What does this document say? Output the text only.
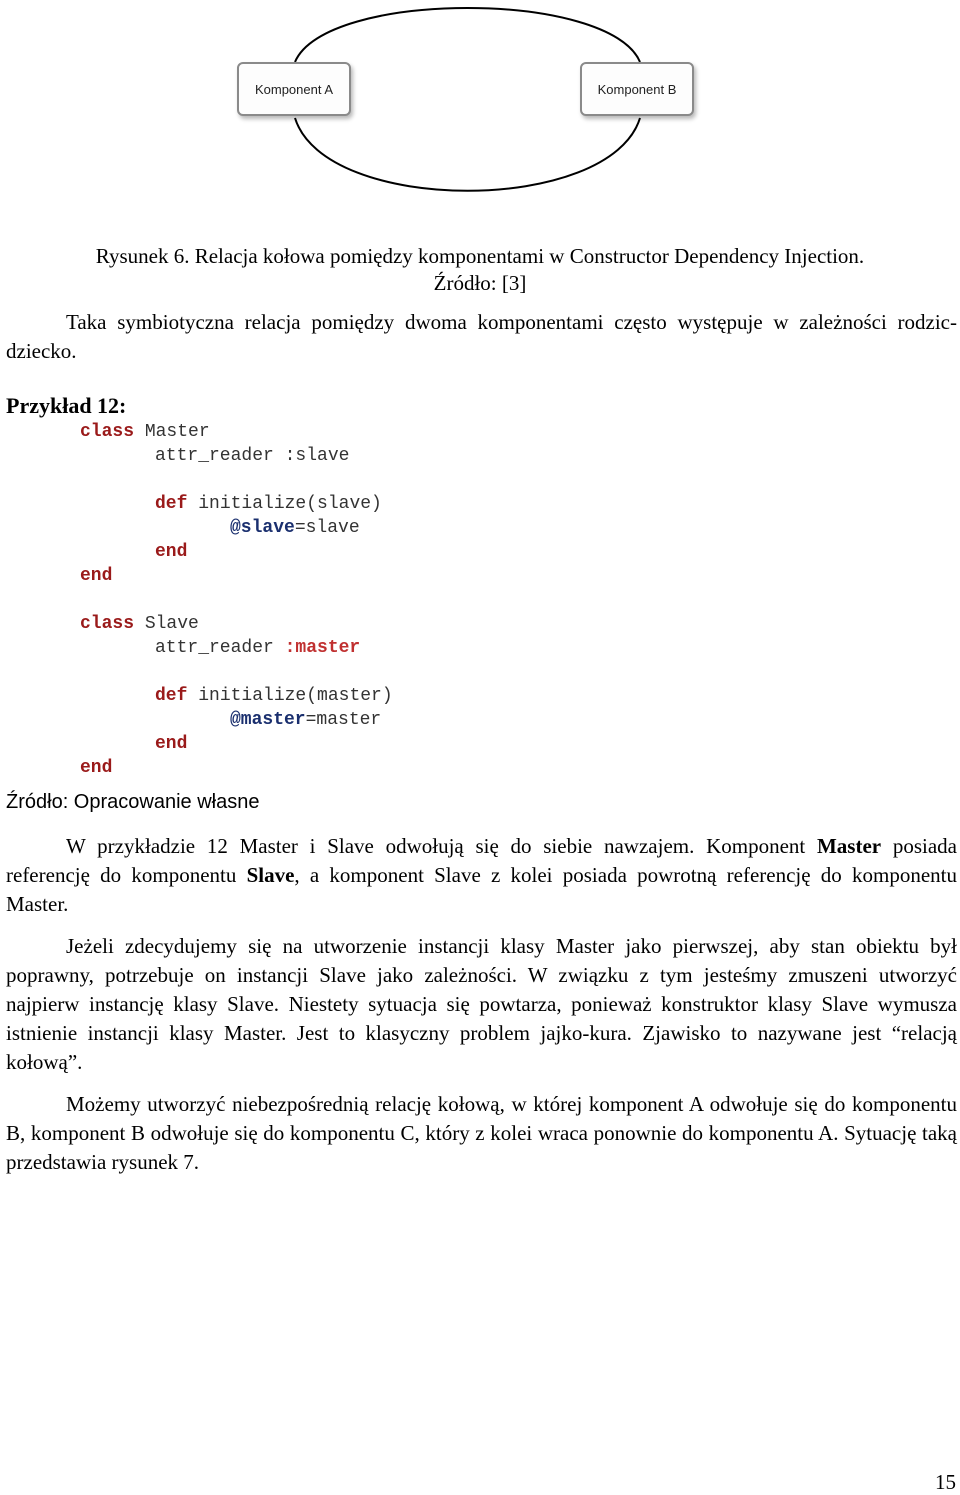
Komponent A	Komponent B
Rysunek 6. Relacja kołowa pomiędzy komponentami w Constructor Dependency Injection.
Źródło: [3]
Taka symbiotyczna relacja pomiędzy dwoma komponentami często występuje w zależności rodzic-dziecko.
Przykład 12:
class Master
attr_reader :slave
def initialize(slave)
@slave=slave
end
end
class Slave
attr_reader :master
def initialize(master)
@master=master
end
end
Źródło: Opracowanie własne
W przykładzie 12 Master i Slave odwołują się do siebie nawzajem. Komponent Master posiada referencję do komponentu Slave, a komponent Slave z kolei posiada powrotną referencję do komponentu Master.
Jeżeli zdecydujemy się na utworzenie instancji klasy Master jako pierwszej, aby stan obiektu był poprawny, potrzebuje on instancji Slave jako zależności. W związku z tym jesteśmy zmuszeni utworzyć najpierw instancję klasy Slave. Niestety sytuacja się powtarza, ponieważ konstruktor klasy Slave wymusza istnienie instancji klasy Master. Jest to klasyczny problem jajko-kura. Zjawisko to nazywane jest “relacją kołową”.
Możemy utworzyć niebezpośrednią relację kołową, w której komponent A odwołuje się do komponentu B, komponent B odwołuje się do komponentu C, który z kolei wraca ponownie do komponentu A. Sytuację taką przedstawia rysunek 7.
15
